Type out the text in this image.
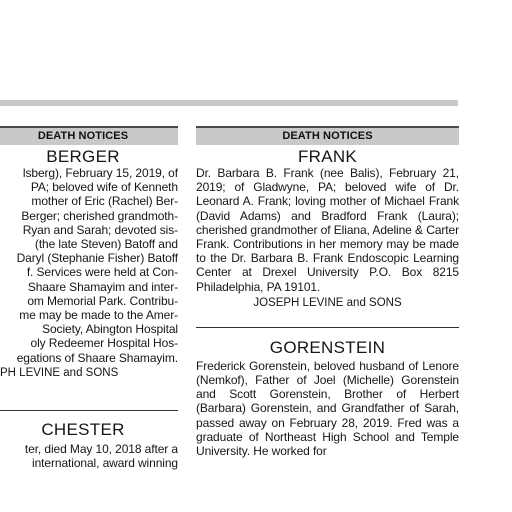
DEATH NOTICES
BERGER
lsberg), February 15, 2019, of
PA; beloved wife of Kenneth
mother of Eric (Rachel) Ber-
Berger; cherished grandmoth-
Ryan and Sarah; devoted sis-
(the late Steven) Batoff and
Daryl (Stephanie Fisher) Batoff
f. Services were held at Con-
Shaare Shamayim and inter-
om Memorial Park. Contribu-
me may be made to the Amer-
Society, Abington Hospital
oly Redeemer Hospital Hos-
egations of Shaare Shamayim.
PH LEVINE and SONS
CHESTER
ter, died May 10, 2018 after a
international, award winning
DEATH NOTICES
FRANK
Dr. Barbara B. Frank (nee Balis), February 21, 2019; of Gladwyne, PA; beloved wife of Dr. Leonard A. Frank; loving mother of Michael Frank (David Adams) and Bradford Frank (Laura); cherished grandmother of Eliana, Adeline & Carter Frank. Contributions in her memory may be made to the Dr. Barbara B. Frank Endoscopic Learning Center at Drexel University P.O. Box 8215 Philadelphia, PA 19101.
JOSEPH LEVINE and SONS
GORENSTEIN
Frederick Gorenstein, beloved husband of Lenore (Nemkof), Father of Joel (Michelle) Gorenstein and Scott Gorenstein, Brother of Herbert (Barbara) Gorenstein, and Grandfather of Sarah, passed away on February 28, 2019. Fred was a graduate of Northeast High School and Temple University. He worked for
